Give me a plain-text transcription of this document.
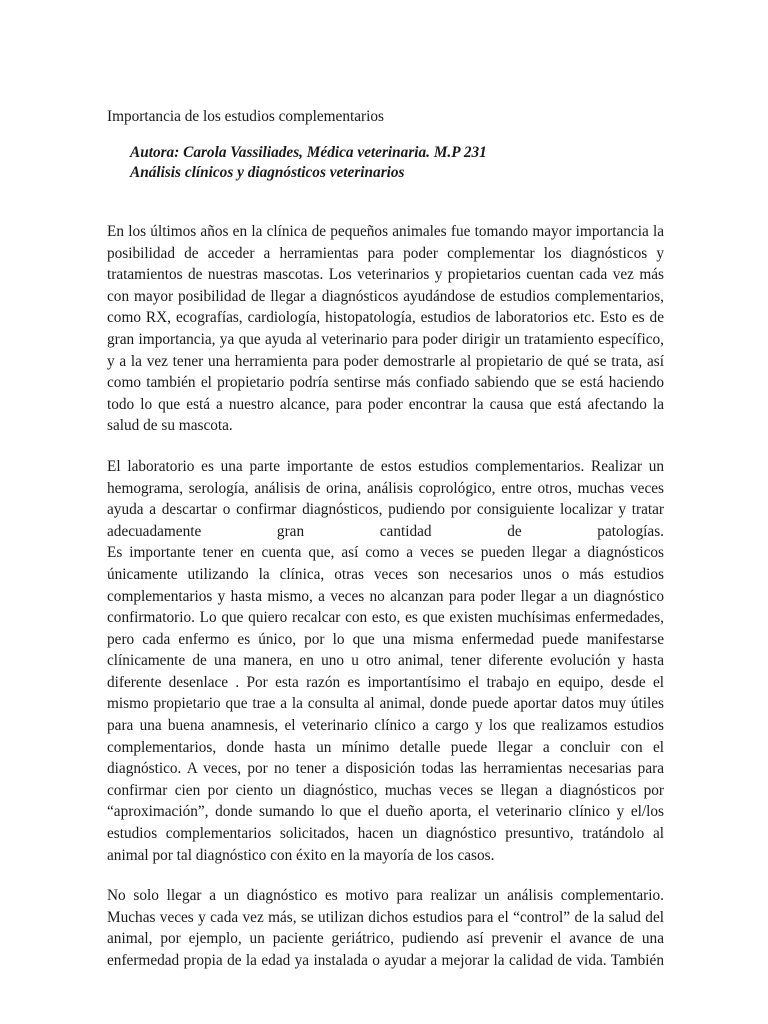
Importancia de los estudios complementarios
Autora: Carola Vassiliades, Médica veterinaria. M.P 231
Análisis clínicos y diagnósticos veterinarios

En los últimos años en la clínica de pequeños animales fue tomando mayor importancia la posibilidad de acceder a herramientas para poder complementar los diagnósticos y tratamientos de nuestras mascotas. Los veterinarios y propietarios cuentan cada vez más con mayor posibilidad de llegar a diagnósticos ayudándose de estudios complementarios, como RX, ecografías, cardiología, histopatología, estudios de laboratorios etc. Esto es de gran importancia, ya que ayuda al veterinario para poder dirigir un tratamiento específico, y a la vez tener una herramienta para poder demostrarle al propietario de qué se trata, así como también el propietario podría sentirse más confiado sabiendo que se está haciendo todo lo que está a nuestro alcance, para poder encontrar la causa que está afectando la salud de su mascota.

El laboratorio es una parte importante de estos estudios complementarios. Realizar un hemograma, serología, análisis de orina, análisis coprológico, entre otros, muchas veces ayuda a descartar o confirmar diagnósticos, pudiendo por consiguiente localizar y tratar adecuadamente gran cantidad de patologías.
Es importante tener en cuenta que, así como a veces se pueden llegar a diagnósticos únicamente utilizando la clínica, otras veces son necesarios unos o más estudios complementarios y hasta mismo, a veces no alcanzan para poder llegar a un diagnóstico confirmatorio. Lo que quiero recalcar con esto, es que existen muchísimas enfermedades, pero cada enfermo es único, por lo que una misma enfermedad puede manifestarse clínicamente de una manera, en uno u otro animal, tener diferente evolución y hasta diferente desenlace . Por esta razón es importantísimo el trabajo en equipo, desde el mismo propietario que trae a la consulta al animal, donde puede aportar datos muy útiles para una buena anamnesis, el veterinario clínico a cargo y los que realizamos estudios complementarios, donde hasta un mínimo detalle puede llegar a concluir con el diagnóstico. A veces, por no tener a disposición todas las herramientas necesarias para confirmar cien por ciento un diagnóstico, muchas veces se llegan a diagnósticos por “aproximación”, donde sumando lo que el dueño aporta, el veterinario clínico y el/los estudios complementarios solicitados, hacen un diagnóstico presuntivo, tratándolo al animal por tal diagnóstico con éxito en la mayoría de los casos.

No solo llegar a un diagnóstico es motivo para realizar un análisis complementario. Muchas veces y cada vez más, se utilizan dichos estudios para el “control” de la salud del animal, por ejemplo, un paciente geriátrico, pudiendo así prevenir el avance de una enfermedad propia de la edad ya instalada o ayudar a mejorar la calidad de vida. También
